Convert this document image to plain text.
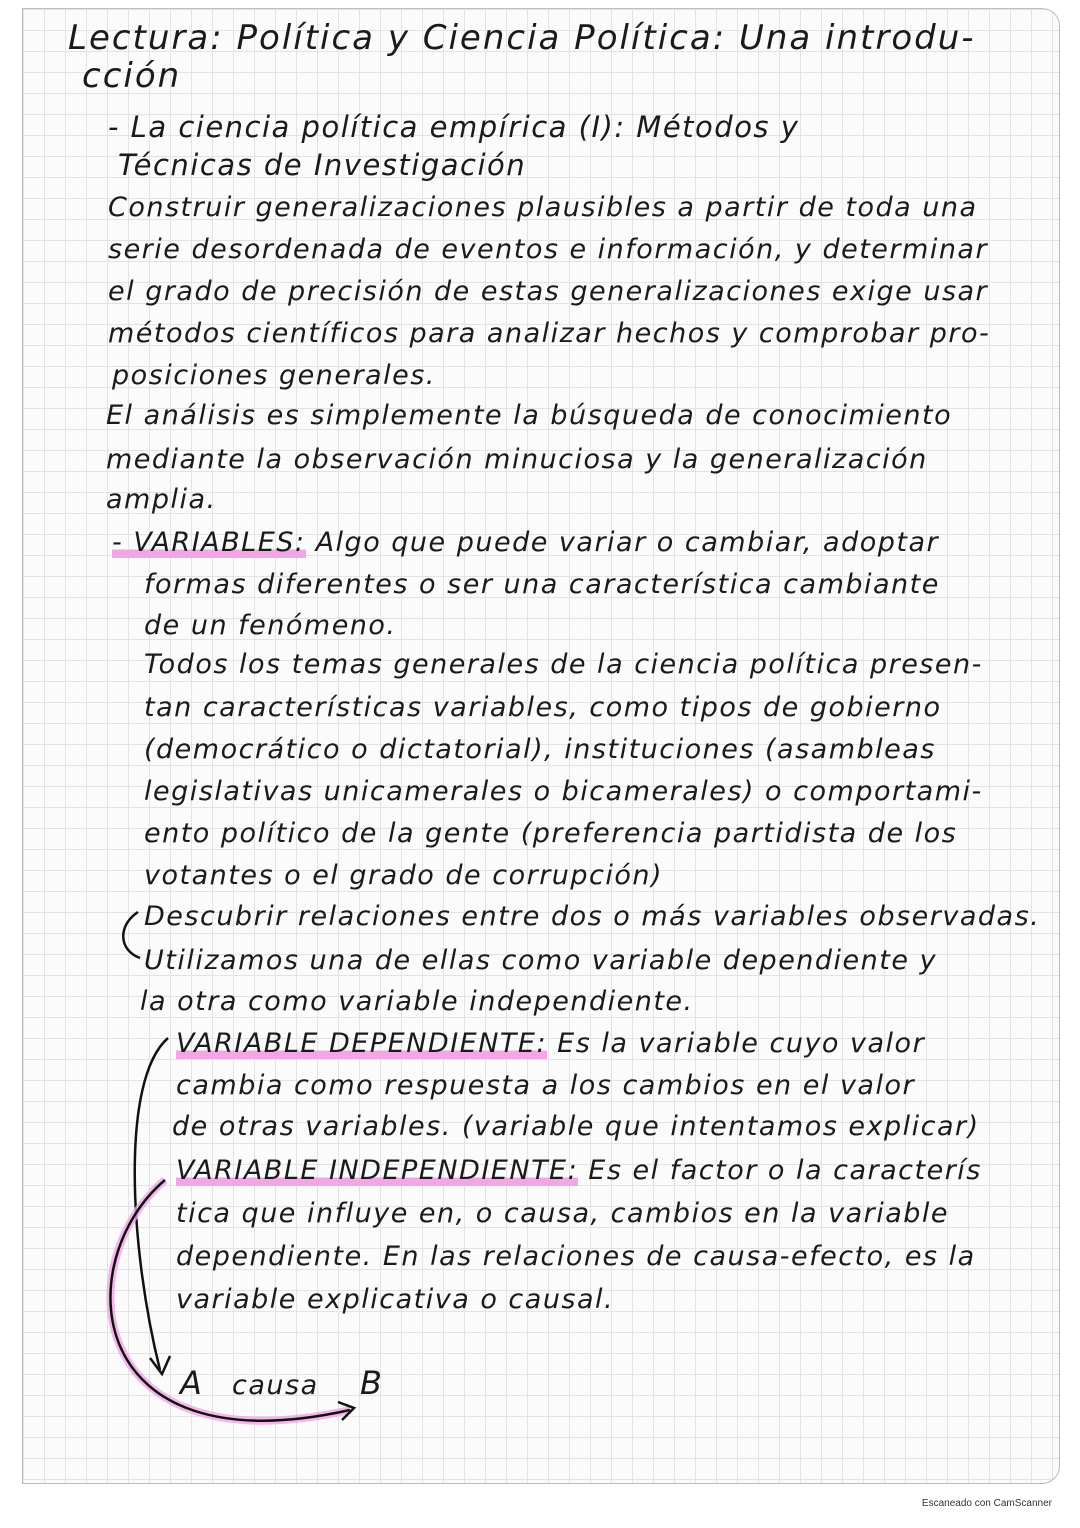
Lectura: Política y Ciencia Política: Una introdu-
cción
- La ciencia política empírica (I): Métodos y
Técnicas de Investigación
Construir generalizaciones plausibles a partir de toda una
serie desordenada de eventos e información, y determinar
el grado de precisión de estas generalizaciones exige usar
métodos científicos para analizar hechos y comprobar pro-
posiciones generales.
El análisis es simplemente la búsqueda de conocimiento
mediante la observación minuciosa y la generalización
amplia.
- VARIABLES: Algo que puede variar o cambiar, adoptar
formas diferentes o ser una característica cambiante
de un fenómeno.
Todos los temas generales de la ciencia política presen-
tan características variables, como tipos de gobierno
(democrático o dictatorial), instituciones (asambleas
legislativas unicamerales o bicamerales) o comportami-
ento político de la gente (preferencia partidista de los
votantes o el grado de corrupción)
Descubrir relaciones entre dos o más variables observadas.
Utilizamos una de ellas como variable dependiente y
la otra como variable independiente.
VARIABLE DEPENDIENTE: Es la variable cuyo valor
cambia como respuesta a los cambios en el valor
de otras variables. (variable que intentamos explicar)
VARIABLE INDEPENDIENTE: Es el factor o la caracterís
tica que influye en, o causa, cambios en la variable
dependiente. En las relaciones de causa-efecto, es la
variable explicativa o causal.
A causa B
Escaneado con CamScanner
